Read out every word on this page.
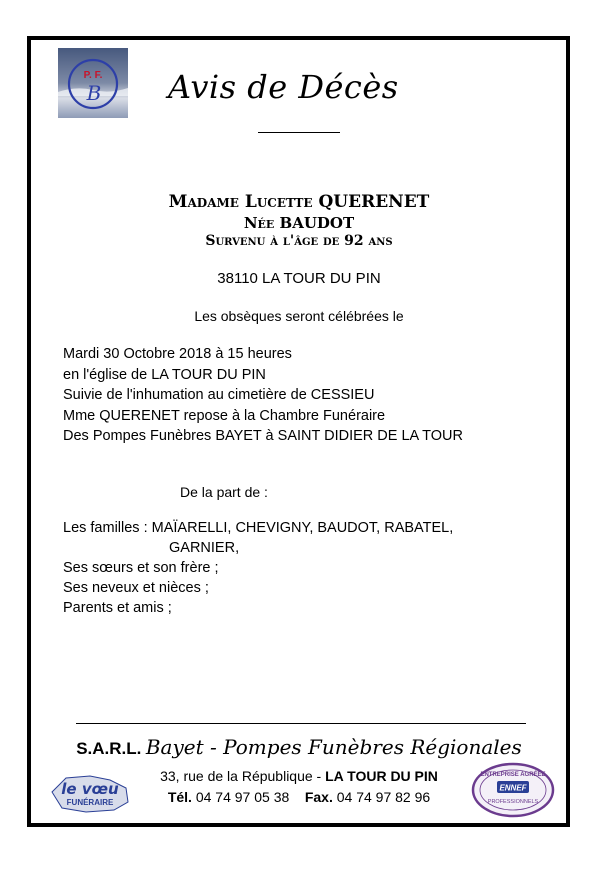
P. F.
B Avis de Décès
Madame Lucette QUERENET
Née BAUDOT
Survenu à l'âge de 92 ans
38110 LA TOUR DU PIN
Les obsèques seront célébrées le
Mardi 30 Octobre 2018 à 15 heures
en l'église de LA TOUR DU PIN
Suivie de l'inhumation au cimetière de CESSIEU
Mme QUERENET repose à la Chambre Funéraire
Des Pompes Funèbres BAYET à SAINT DIDIER DE LA TOUR
De la part de :
Les familles : MAÏARELLI, CHEVIGNY, BAUDOT, RABATEL,
GARNIER,
Ses sœurs et son frère ;
Ses neveux et nièces ;
Parents et amis ;
S.A.R.L. Bayet - Pompes Funèbres Régionales
33, rue de la République - LA TOUR DU PIN
Tél. 04 74 97 05 38 Fax. 04 74 97 82 96
le vœu
FUNÉRAIRE
ENTREPRISE AGRÉÉE
ENNEF
PROFESSIONNELS
